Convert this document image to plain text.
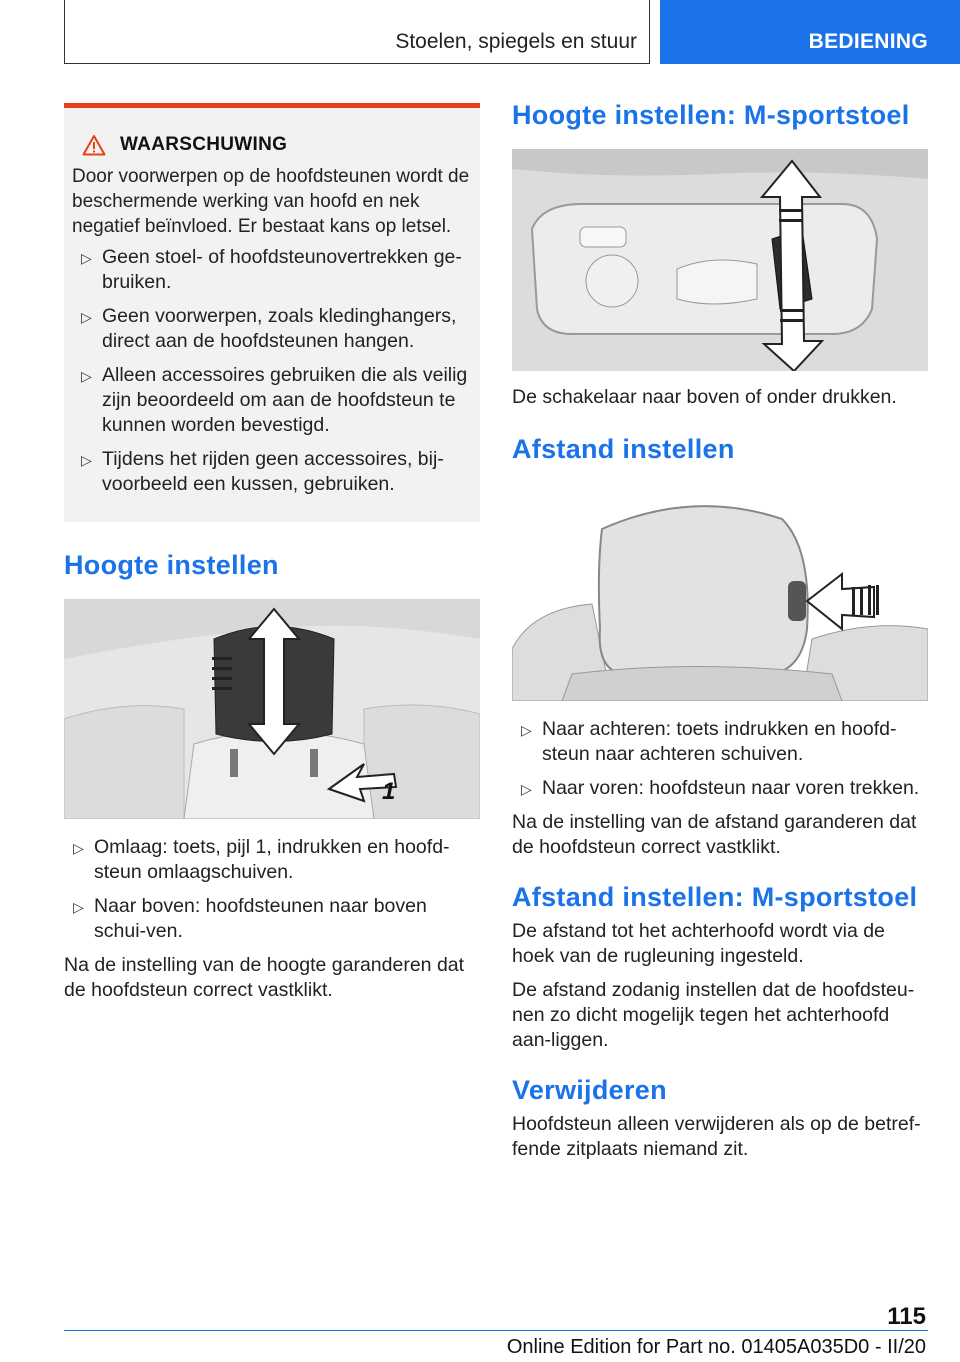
Stoelen, spiegels en stuur	BEDIENING
WAARSCHUWING

Door voorwerpen op de hoofdsteunen wordt de beschermende werking van hoofd en nek negatief beïnvloed. Er bestaat kans op letsel.

▷ Geen stoel- of hoofdsteunovertrekken ge-bruiken.
▷ Geen voorwerpen, zoals kledinghangers, direct aan de hoofdsteunen hangen.
▷ Alleen accessoires gebruiken die als veilig zijn beoordeeld om aan de hoofdsteun te kunnen worden bevestigd.
▷ Tijdens het rijden geen accessoires, bij-voorbeeld een kussen, gebruiken.
Hoogte instellen
1
▷ Omlaag: toets, pijl 1, indrukken en hoofd-steun omlaagschuiven.
▷ Naar boven: hoofdsteunen naar boven schui-ven.

Na de instelling van de hoogte garanderen dat de hoofdsteun correct vastklikt.

Hoogte instellen: M-sportstoel

De schakelaar naar boven of onder drukken.

Afstand instellen
▷ Naar achteren: toets indrukken en hoofd-steun naar achteren schuiven.
▷ Naar voren: hoofdsteun naar voren trekken.

Na de instelling van de afstand garanderen dat de hoofdsteun correct vastklikt.

Afstand instellen: M-sportstoel

De afstand tot het achterhoofd wordt via de hoek van de rugleuning ingesteld.

De afstand zodanig instellen dat de hoofdsteu-nen zo dicht mogelijk tegen het achterhoofd aan-liggen.

Verwijderen

Hoofdsteun alleen verwijderen als op de betref-fende zitplaats niemand zit.

115
Online Edition for Part no. 01405A035D0 - II/20
